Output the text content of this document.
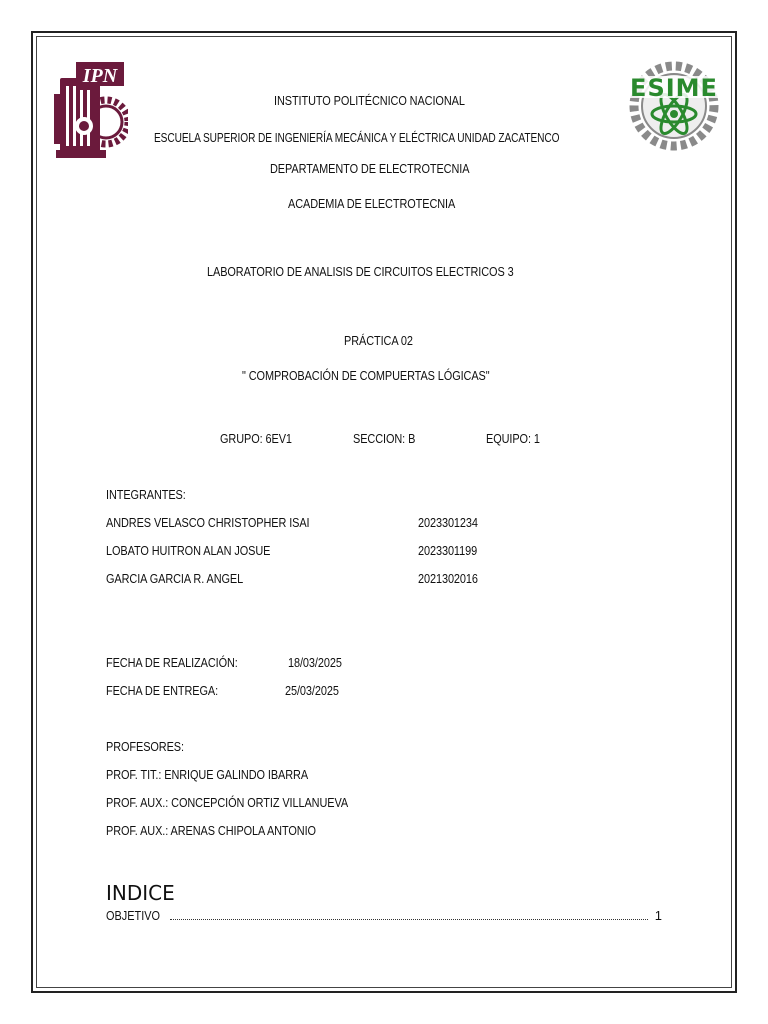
IPN	ESIME
INSTITUTO POLITÉCNICO NACIONAL
ESCUELA SUPERIOR DE INGENIERÍA MECÁNICA Y ELÉCTRICA UNIDAD ZACATENCO
DEPARTAMENTO DE ELECTROTECNIA
ACADEMIA DE ELECTROTECNIA
LABORATORIO DE ANALISIS DE CIRCUITOS ELECTRICOS 3
PRÁCTICA 02
" COMPROBACIÓN DE COMPUERTAS LÓGICAS"
GRUPO: 6EV1	SECCION: B	EQUIPO: 1
INTEGRANTES:
ANDRES VELASCO CHRISTOPHER ISAI	2023301234
LOBATO HUITRON ALAN JOSUE	2023301199
GARCIA GARCIA R. ANGEL	2021302016
FECHA DE REALIZACIÓN:	18/03/2025
FECHA DE ENTREGA:	25/03/2025
PROFESORES:
PROF. TIT.: ENRIQUE GALINDO IBARRA
PROF. AUX.: CONCEPCIÓN ORTIZ VILLANUEVA
PROF. AUX.: ARENAS CHIPOLA ANTONIO
INDICE
OBJETIVO	1
